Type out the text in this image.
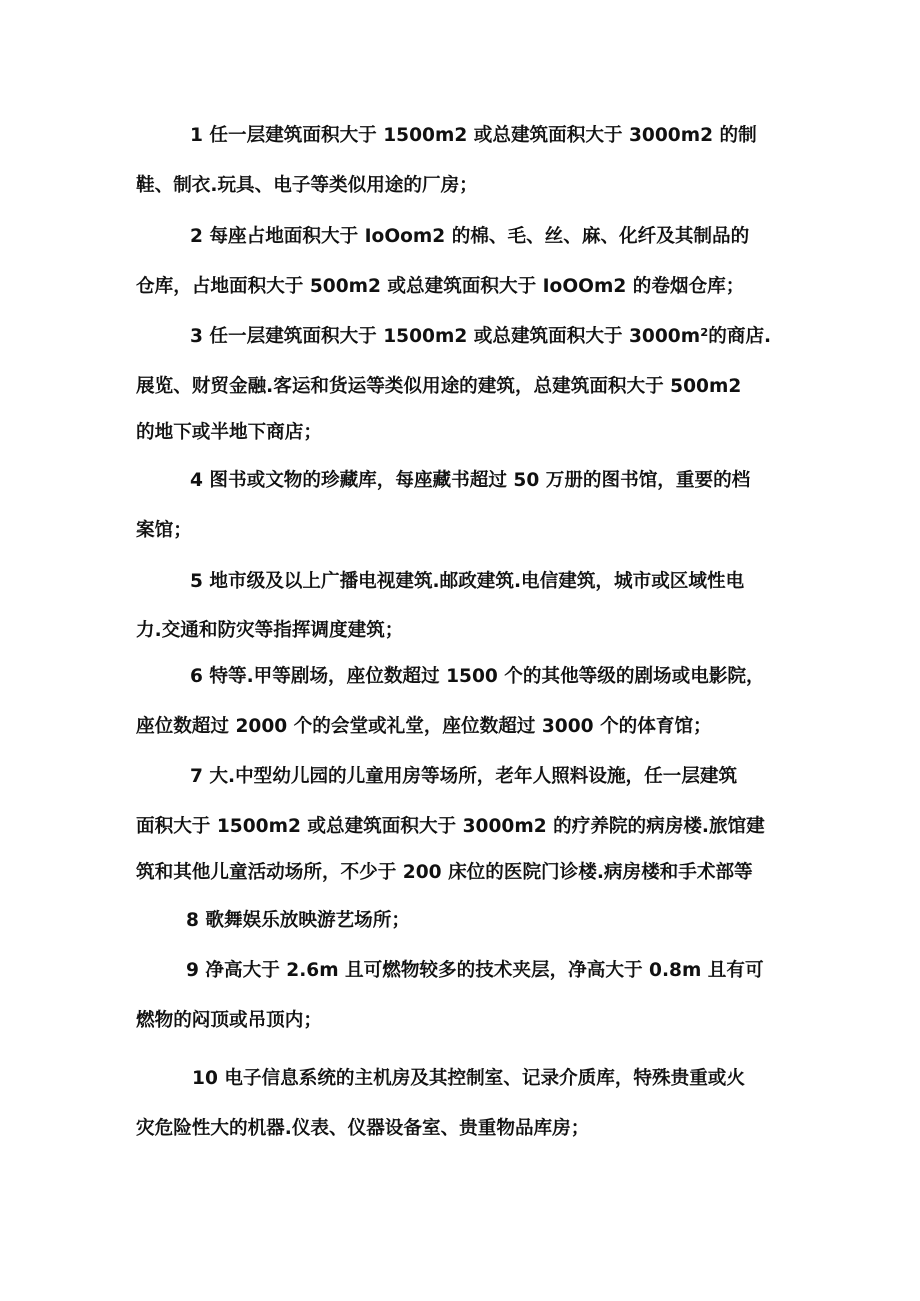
1 任一层建筑面积大于 1500m2 或总建筑面积大于 3000m2 的制

鞋、制衣.玩具、电子等类似用途的厂房；

2 每座占地面积大于 IoOom2 的棉、毛、丝、麻、化纤及其制品的

仓库，占地面积大于 500m2 或总建筑面积大于 IoOOm2 的卷烟仓库；

3 任一层建筑面积大于 1500m2 或总建筑面积大于 3000m²的商店.

展览、财贸金融.客运和货运等类似用途的建筑，总建筑面积大于 500m2

的地下或半地下商店；

4 图书或文物的珍藏库，每座藏书超过 50 万册的图书馆，重要的档

案馆；

5 地市级及以上广播电视建筑.邮政建筑.电信建筑，城市或区域性电

力.交通和防灾等指挥调度建筑；

6 特等.甲等剧场，座位数超过 1500 个的其他等级的剧场或电影院，

座位数超过 2000 个的会堂或礼堂，座位数超过 3000 个的体育馆；

7 大.中型幼儿园的儿童用房等场所，老年人照料设施，任一层建筑

面积大于 1500m2 或总建筑面积大于 3000m2 的疗养院的病房楼.旅馆建

筑和其他儿童活动场所，不少于 200 床位的医院门诊楼.病房楼和手术部等

8 歌舞娱乐放映游艺场所；

9 净高大于 2.6m 且可燃物较多的技术夹层，净高大于 0.8m 且有可

燃物的闷顶或吊顶内；

10 电子信息系统的主机房及其控制室、记录介质库，特殊贵重或火

灾危险性大的机器.仪表、仪器设备室、贵重物品库房；
